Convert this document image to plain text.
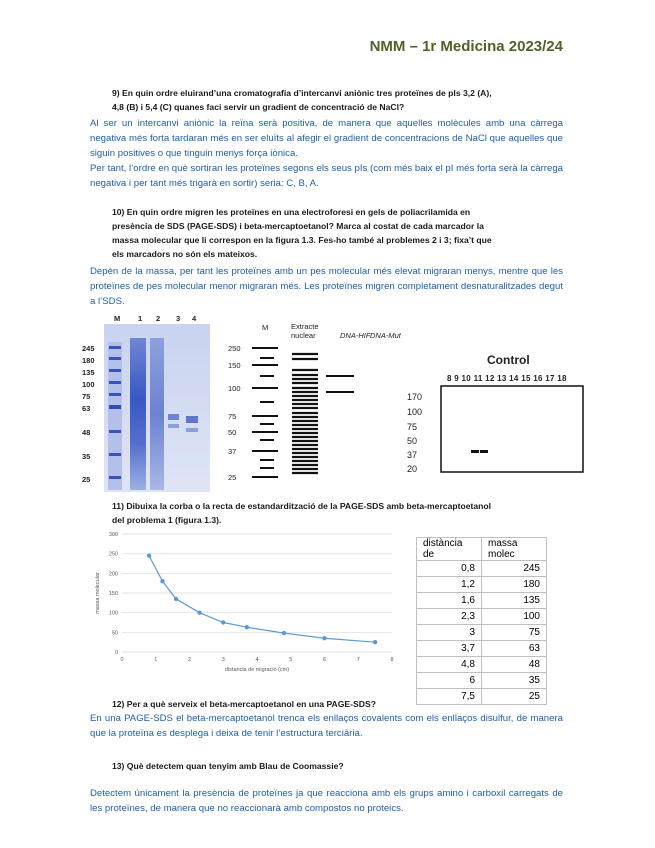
NMM – 1r Medicina 2023/24
9) En quin ordre eluirand’una cromatografia d’intercanvi aniònic tres proteïnes de pIs 3,2 (A),
4,8 (B) i 5,4 (C) quanes faci servir un gradient de concentració de NaCl?

Al ser un intercanvi aniònic la reïna serà positiva, de manera que aquelles molècules amb una càrrega negativa més forta tardaran més en ser eluïts al afegir el gradient de concentracions de NaCl que aquelles que siguin positives o que tinguin menys força iònica.

Per tant, l’ordre en què sortiran les proteïnes segons els seus pIs (com més baix el pI més forta serà la càrrega negativa i per tant més trigarà en sortir) seria: C, B, A.

10) En quin ordre migren les proteïnes en una electroforesi en gels de poliacrilamida en
presència de SDS (PAGE-SDS) i beta-mercaptoetanol? Marca al costat de cada marcador la
massa molecular que li correspon en la figura 1.3. Fes-ho també al problemes 2 i 3; fixa’t que
els marcadors no són els mateixos.
Depèn de la massa, per tant les proteïnes amb un pes molecular més elevat migraran menys, mentre que les proteïnes de pes molecular menor migraran més. Les proteïnes migren completament desnaturalitzades degut a l’SDS.
M 1 2 3 4
245
180
135
100
75
63
48
35
25
M	Extracte
nuclear	DNA-HIF DNA-Mut
250
150
100
75
50
37
25
Control
8 9 10 11 12 13 14 15 16 17 18
170
100
75
50
37
20
11) Dibuixa la corba o la recta de estandardització de la PAGE-SDS amb beta-mercaptoetanol
del problema 1 (figura 1.3).
0
50
100
150
200
250
300
0	1	2	3	4	5	6	7	8
distancia de migració (cm)
massa molecular
distància de	massa molec
0,8	245
1,2	180
1,6	135
2,3	100
3	75
3,7	63
4,8	48
6	35
7,5	25
12) Per a què serveix el beta-mercaptoetanol en una PAGE-SDS?
En una PAGE-SDS el beta-mercaptoetanol trenca els enllaços covalents com els enllaços disulfur, de manera que la proteïna es desplega i deixa de tenir l’estructura terciària.
13) Què detectem quan tenyim amb Blau de Coomassie?
Detectem únicament la presència de proteïnes ja que reacciona amb els grups amino i carboxil carregats de les proteïnes, de manera que no reaccionarà amb compostos no proteics.
